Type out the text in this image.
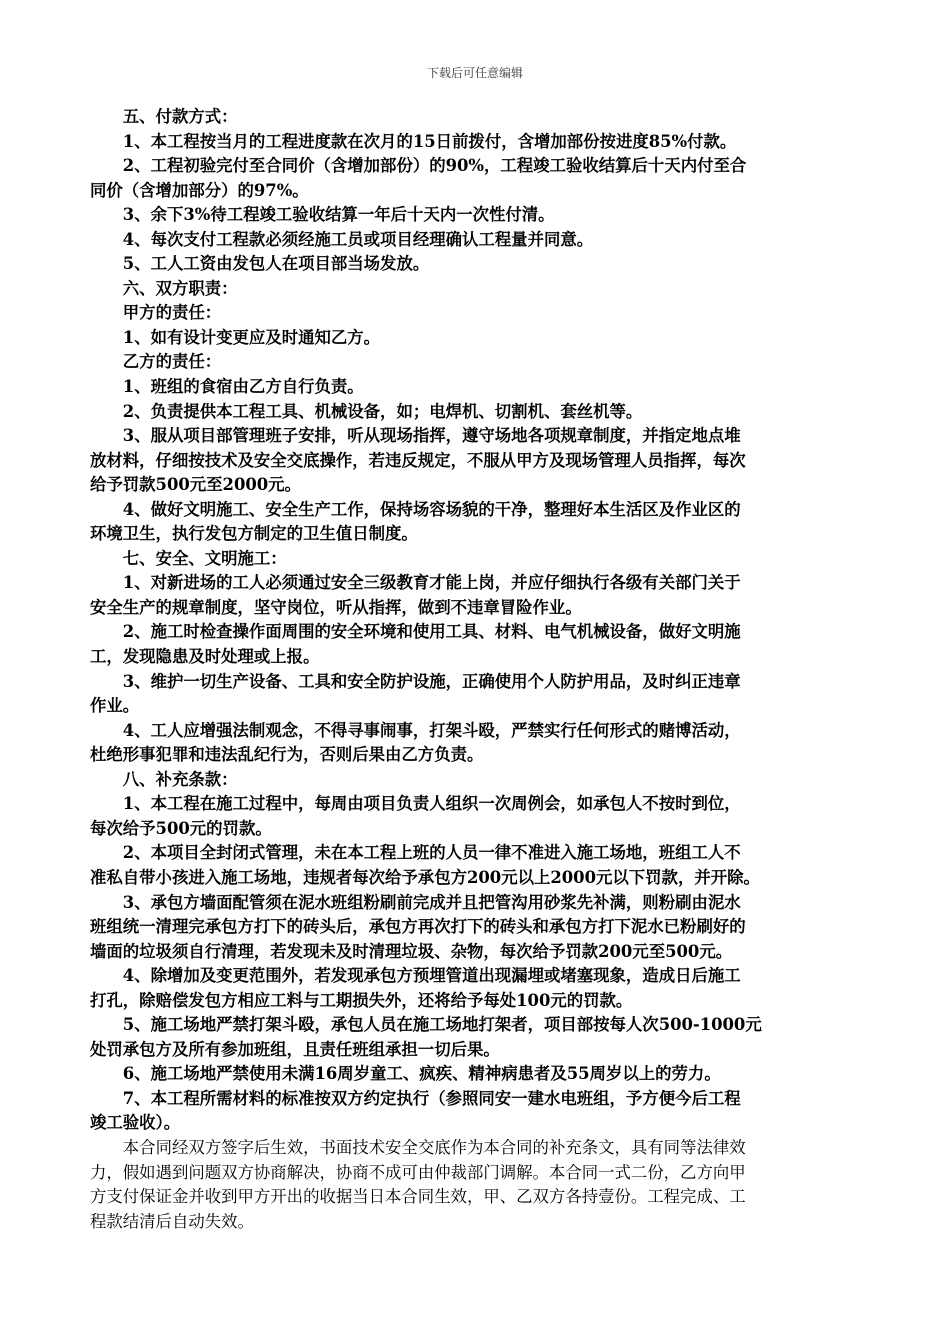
下载后可任意编辑

五、付款方式：

1、本工程按当月的工程进度款在次月的15日前拨付，含增加部份按进度85%付款。

2、工程初验完付至合同价（含增加部份）的90%，工程竣工验收结算后十天内付至合

同价（含增加部分）的97%。

3、余下3%待工程竣工验收结算一年后十天内一次性付清。

4、每次支付工程款必须经施工员或项目经理确认工程量并同意。

5、工人工资由发包人在项目部当场发放。

六、双方职责：

甲方的责任：

1、如有设计变更应及时通知乙方。

乙方的责任：

1、班组的食宿由乙方自行负责。

2、负责提供本工程工具、机械设备，如；电焊机、切割机、套丝机等。

3、服从项目部管理班子安排，听从现场指挥，遵守场地各项规章制度，并指定地点堆

放材料，仔细按技术及安全交底操作，若违反规定，不服从甲方及现场管理人员指挥，每次

给予罚款500元至2000元。

4、做好文明施工、安全生产工作，保持场容场貌的干净，整理好本生活区及作业区的

环境卫生，执行发包方制定的卫生值日制度。

七、安全、文明施工：

1、对新进场的工人必须通过安全三级教育才能上岗，并应仔细执行各级有关部门关于

安全生产的规章制度，坚守岗位，听从指挥，做到不违章冒险作业。

2、施工时检查操作面周围的安全环境和使用工具、材料、电气机械设备，做好文明施

工，发现隐患及时处理或上报。

3、维护一切生产设备、工具和安全防护设施，正确使用个人防护用品，及时纠正违章

作业。

4、工人应增强法制观念，不得寻事闹事，打架斗殴，严禁实行任何形式的赌博活动，

杜绝形事犯罪和违法乱纪行为，否则后果由乙方负责。

八、补充条款：

1、本工程在施工过程中，每周由项目负责人组织一次周例会，如承包人不按时到位，

每次给予500元的罚款。

2、本项目全封闭式管理，未在本工程上班的人员一律不准进入施工场地，班组工人不

准私自带小孩进入施工场地，违规者每次给予承包方200元以上2000元以下罚款，并开除。

3、承包方墙面配管须在泥水班组粉刷前完成并且把管沟用砂浆先补满，则粉刷由泥水

班组统一清理完承包方打下的砖头后，承包方再次打下的砖头和承包方打下泥水已粉刷好的

墙面的垃圾须自行清理，若发现未及时清理垃圾、杂物，每次给予罚款200元至500元。

4、除增加及变更范围外，若发现承包方预埋管道出现漏埋或堵塞现象，造成日后施工

打孔，除赔偿发包方相应工料与工期损失外，还将给予每处100元的罚款。

5、施工场地严禁打架斗殴，承包人员在施工场地打架者，项目部按每人次500-1000元

处罚承包方及所有参加班组，且责任班组承担一切后果。

6、施工场地严禁使用未满16周岁童工、疯疾、精神病患者及55周岁以上的劳力。

7、本工程所需材料的标准按双方约定执行（参照同安一建水电班组，予方便今后工程

竣工验收）。

本合同经双方签字后生效，书面技术安全交底作为本合同的补充条文，具有同等法律效

力，假如遇到问题双方协商解决，协商不成可由仲裁部门调解。本合同一式二份，乙方向甲

方支付保证金并收到甲方开出的收据当日本合同生效，甲、乙双方各持壹份。工程完成、工

程款结清后自动失效。
